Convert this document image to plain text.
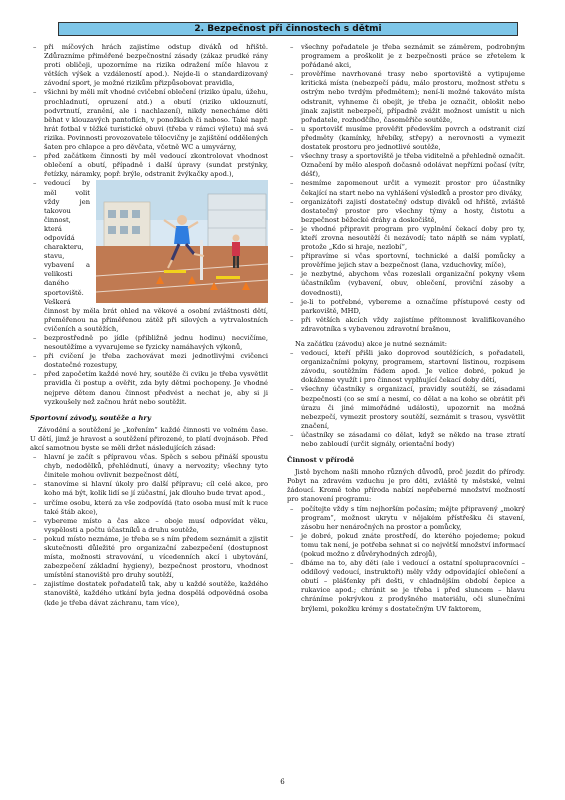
2. Bezpečnost při činnostech s dětmi
– při míčových hrách zajistíme odstup diváků od hřiště. Zdůrazníme přiměřené bezpečnostní zásady (zákaz prudké rány proti obličeji, upozorníme na rizika odražení míče hlavou z větších výšek a vzdáleností apod.). Nejde-li o standardizovaný závodní sport, je možné rizikům přizpůsobovat pravidla,
– všichni by měli mít vhodné cvičební oblečení (riziko úpalu, úžehu, prochladnutí, opruzení atd.) a obutí (riziko uklouznutí, podvrtnutí, zranění, ale i nachlazení), nikdy nenecháme děti běhat v klouzavých pantoflích, v ponožkách či naboso. Také např. hrát fotbal v těžké turistické obuvi (třeba v rámci výletu) má svá rizika. Povinnosti provozovatele tělocvičny je zajištění oddělených šaten pro chlapce a pro děvčata, včetně WC a umyvárny,
– před začátkem činnosti by měl vedoucí zkontrolovat vhodnost oblečení a obutí, případně i další úpravy (sundat prstýnky, řetízky, náramky, popř. brýle, odstranit žvýkačky apod.),
– vedoucí by měl volit vždy jen takovou činnost, která odpovídá charakteru, stavu, vybavení a velikosti daného sportoviště. Veškerá činnost by měla brát ohled na věkové a osobní zvláštnosti dětí, přeměřenou na přiměřenou zátěž při silových a vytrvalostních cvičeních a soutěžích,
– bezprostředně po jídle (přibližně jednu hodinu) necvičíme, nesoutěžíme a vyvarujeme se fyzicky namáhavých výkonů,
– při cvičení je třeba zachovávat mezi jednotlivými cvičenci dostatečné rozestupy,
– před započetím každé nové hry, soutěže či cviku je třeba vysvětlit pravidla či postup a ověřit, zda byly dětmi pochopeny. Je vhodné nejprve dětem danou činnost předvést a nechat je, aby si ji vyzkoušely než začnou hrát nebo soutěžit.
Sportovní závody, soutěže a hry

Závodění a soutěžení je „kořením“ každé činnosti ve volném čase. U dětí, jimž je hravost a soutěžení přirozené, to platí dvojnásob. Před akcí samotnou byste se měli držet následujících zásad:

– hlavní je začít s přípravou včas. Spěch s sebou přináší spoustu chyb, nedodělků, přehlédnutí, únavy a nervozity; všechny tyto činitele mohou ovlivnit bezpečnost dětí,
– stanovíme si hlavní úkoly pro další přípravu; cíl celé akce, pro koho má být, kolik lidí se jí zúčastní, jak dlouho bude trvat apod.,
– určíme osobu, která za vše zodpovídá (tato osoba musí mít k ruce také štáb akce),
– vybereme místo a čas akce – oboje musí odpovídat věku, vyspělosti a počtu účastníků a druhu soutěže,
– pokud místo neznáme, je třeba se s ním předem seznámit a zjistit skutečnosti důležité pro organizační zabezpečení (dostupnost místa, možnosti stravování, u vícedenních akcí i ubytování, zabezpečení základní hygieny), bezpečnost prostoru, vhodnost umístění stanoviště pro druhy soutěží,
– zajistíme dostatek pořadatelů tak, aby u každé soutěže, každého stanoviště, každého utkání byla jedna dospělá odpovědná osoba (kde je třeba dávat záchranu, tam více),
– všechny pořadatele je třeba seznámit se záměrem, podrobným programem a proškolit je z bezpečnosti práce se zřetelem k pořádané akci,
– prověříme navrhované trasy nebo sportoviště a vytipujeme kritická místa (nebezpečí pádu, málo prostoru, možnost střetu s ostrým nebo tvrdým předmětem); není-li možné takováto místa odstranit, vyhneme či obejít, je třeba je označit, oblošit nebo jinak zajistit nebezpečí, případně zvážit možnost umístit u nich pořadatele, rozhodčího, časoměřiče soutěže,
– u sportovišť musíme prověřit především povrch a odstranit cizí předměty (kamínky, hřebíky, střepy) a nerovnosti a vymezit dostatek prostoru pro jednotlivé soutěže,
– všechny trasy a sportoviště je třeba viditelně a přehledně označit. Označení by mělo alespoň dočasně odolávat nepřízni počasí (vítr, déšť),
– nesmíme zapomenout určit a vymezit prostor pro účastníky čekající na start nebo na vyhlášení výsledků a prostor pro diváky,
– organizátoři zajistí dostatečný odstup diváků od hřiště, zvláště dostatečný prostor pro všechny týmy a hosty, čistotu a bezpečnost běžecké dráhy a doskočiště,
– je vhodné připravit program pro vyplnění čekací doby pro ty, kteří zrovna nesoutěží či nezávodí; tato náplň se nám vyplatí, protože „Kdo si hraje, nezlobí“,
– připravíme si včas sportovní, technické a další pomůcky a prověříme jejich stav a bezpečnost (lana, vzduchovky, míče),
– je nezbytné, abychom včas rozeslali organizační pokyny všem účastníkům (vybavení, obuv, oblečení, proviční zásoby a dovednosti),
– je-li to potřebné, vybereme a označíme přístupové cesty od parkoviště, MHD,
– při větších akcích vždy zajistíme přítomnost kvalifikovaného zdravotníka s vybavenou zdravotní brašnou,

Na začátku (závodu) akce je nutné seznámit:

– vedoucí, kteří přišli jako doprovod soutěžících, s pořadateli, organizačními pokyny, programem, startovní listinou, rozpisem závodu, soutěžním řádem apod. Je velice dobré, pokud je dokážeme využít i pro činnost vyplňující čekací doby dětí,
– všechny účastníky s organizací, pravidly soutěží, se zásadami bezpečnosti (co se smí a nesmí, co dělat a na koho se obrátit při úrazu či jiné mimořádné události), upozornit na možná nebezpečí, vymezit prostory soutěží, seznámit s trasou, vysvětlit značení,
– účastníky se zásadami co dělat, když se někdo na trase ztratí nebo zabloudí (určit signály, orientační body)
Činnost v přírodě

Jistě bychom našli mnoho různých důvodů, proč jezdit do přírody. Pobyt na zdravém vzduchu je pro děti, zvláště ty městské, velmi žádoucí. Kromě toho příroda nabízí nepřeberné množství možností pro stanovení programu:

– počítejte vždy s tím nejhorším počasím; mějte připravený „mokrý program“, možnost ukrytu v nějakém přístřešku či stavení, zásobu her nenáročných na prostor a pomůcky,
– je dobré, pokud znáte prostředí, do kterého pojedeme; pokud tomu tak není, je potřeba sehnat si co největší množství informací (pokud možno z důvěryhodných zdrojů),
– dbáme na to, aby děti (ale i vedoucí a ostatní spolupracovníci – oddílový vedoucí, instruktoři) měly vždy odpovídající oblečení a obutí – plášťenky při dešti, v chladnějším období čepice a rukavice apod.; chránit se je třeba i před sluncem – hlavu chráníme pokrývkou z prodyšného materiálu, oči slunečními brýlemi, pokožku krémy s dostatečným UV faktorem,
6
